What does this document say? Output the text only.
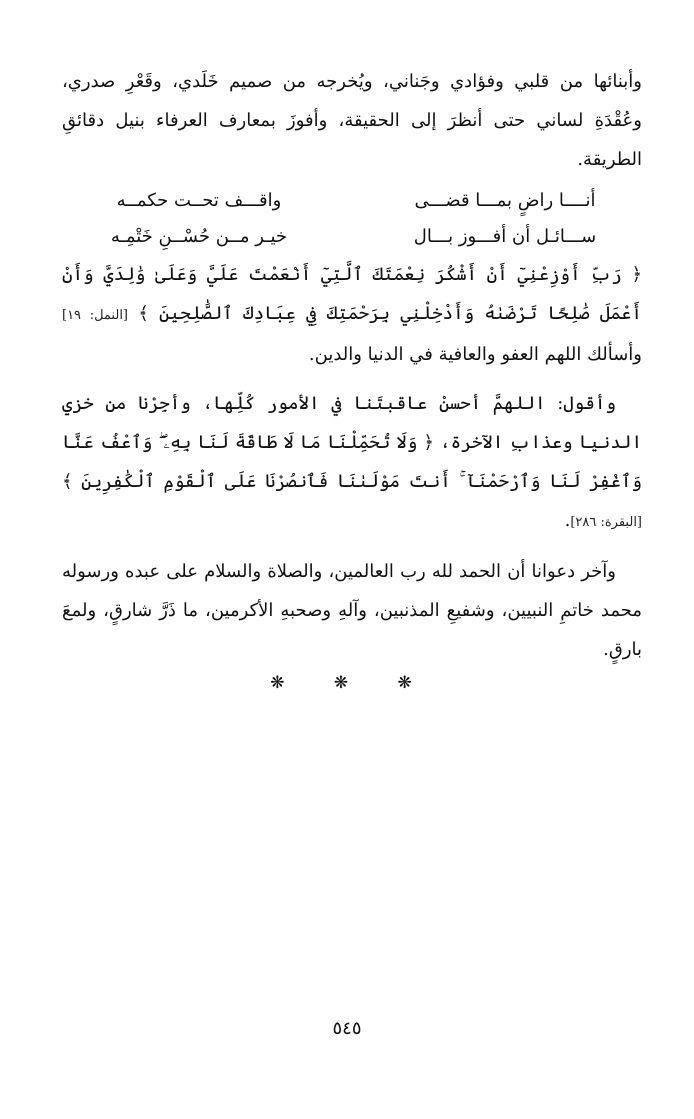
وأبنائها من قلبي وفؤادي وجَناني، ويُخرجه من صميم خَلَدي، وقَعْرِ صدري، وعُقْدَةِ لساني حتى أنظرَ إلى الحقيقة، وأفوزَ بمعارف العرفاء بنيل دقائقِ الطريقة.

أنــــا راضٍ بمـــا قضـــى
واقـــف تحــت حكمــه
ســـائـل أن أفـــوز بـــال
خيـر مــن حُسْــنِ خَتْمِـه

﴿ رَبِّ أَوْزِعْنِيٓ أَنْ أَشْكُرَ نِعْمَتَكَ ٱلَّتِيٓ أَنْعَمْتَ عَلَيَّ وَعَلَىٰ وَٰلِدَيَّ وَأَنْ أَعْمَلَ صَٰلِحًا تَرْضَىٰهُ وَأَدْخِلْنِي بِرَحْمَتِكَ فِي عِبَادِكَ ٱلصَّٰلِحِينَ ﴾ [النمل: ١٩] وأسألك اللهم العفو والعافية في الدنيا والدين.

وأقول: اللهمَّ أحسنْ عاقبتَنا في الأمور كُلِّها، وأجِرْنا من خزيِ الدنيا وعذابِ الآخرة، ﴿ وَلَا تُحَمِّلْنَا مَا لَا طَاقَةَ لَنَا بِهِۦ ۖ وَٱعْفُ عَنَّا وَٱغْفِرْ لَنَا وَٱرْحَمْنَآ ۚ أَنتَ مَوْلَىٰنَا فَٱنصُرْنَا عَلَى ٱلْقَوْمِ ٱلْكَٰفِرِينَ ﴾ [البقرة: ٢٨٦].

وآخر دعوانا أن الحمد لله رب العالمين، والصلاة والسلام على عبده ورسوله محمد خاتمِ النبيين، وشفيعِ المذنبين، وآلهِ وصحبهِ الأكرمين، ما ذَرَّ شارقٍ، ولمعَ بارقٍ.

❋ ❋ ❋
٥٤٥
